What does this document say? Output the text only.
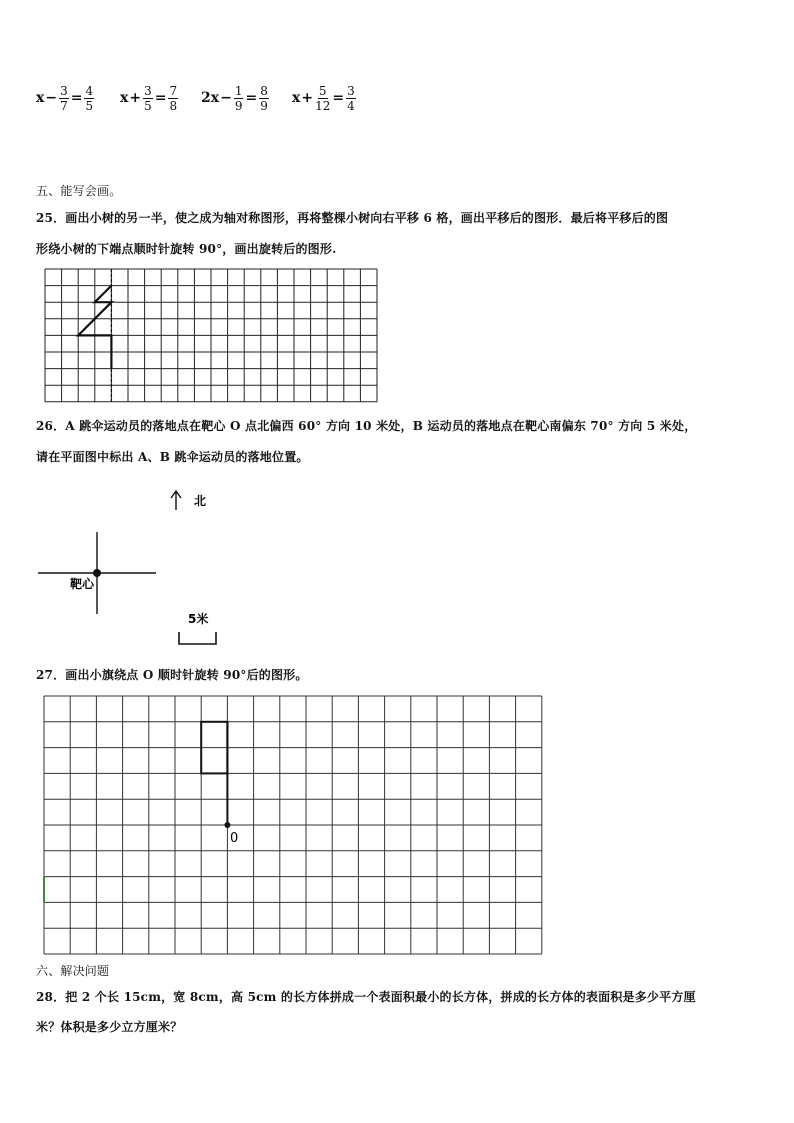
$x - \frac{3}{7} = \frac{4}{5}$ $x + \frac{3}{5} = \frac{7}{8} 2x - \frac{1}{9} = \frac{8}{9}$ $x + \frac{5}{12} = \frac{3}{4}$
五、能写会画。
25．画出小树的另一半，使之成为轴对称图形，再将整棵小树向右平移 6 格，画出平移后的图形．最后将平移后的图
形绕小树的下端点顺时针旋转 90°，画出旋转后的图形.
26．A 跳伞运动员的落地点在靶心 O 点北偏西 60° 方向 10 米处，B 运动员的落地点在靶心南偏东 70° 方向 5 米处，
请在平面图中标出 A、B 跳伞运动员的落地位置。
北
靶心
5米
27．画出小旗绕点 O 顺时针旋转 90°后的图形。
0
六、解决问题
28．把 2 个长 15cm，宽 8cm，高 5cm 的长方体拼成一个表面积最小的长方体，拼成的长方体的表面积是多少平方厘
米？体积是多少立方厘米？
